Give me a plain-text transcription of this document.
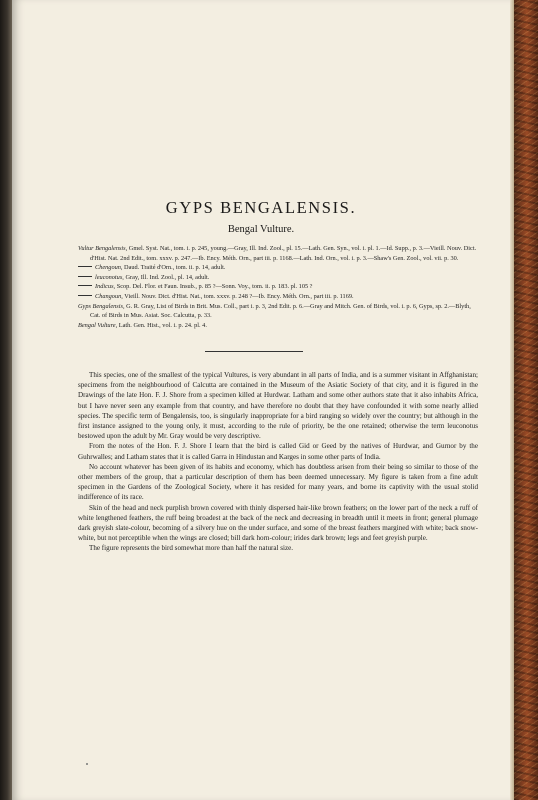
GYPS BENGALENSIS.
Bengal Vulture.
Vultur Bengalensis, Gmel. Syst. Nat., tom. i. p. 245, young.—Gray, Ill. Ind. Zool., pl. 15.—Lath. Gen. Syn., vol. i. pl. 1.—Id. Supp., p. 3.—Vieill. Nouv. Dict. d'Hist. Nat. 2nd Edit., tom. xxxv. p. 247.—Ib. Ency. Méth. Orn., part iii. p. 1168.—Lath. Ind. Orn., vol. i. p. 3.—Shaw's Gen. Zool., vol. vii. p. 30.
Chengoun, Daud. Traité d'Orn., tom. ii. p. 14, adult.
leuconotus, Gray, Ill. Ind. Zool., pl. 14, adult.
Indicus, Scop. Del. Flor. et Faun. Insub., p. 85 ?—Sonn. Voy., tom. ii. p. 183. pl. 105 ?
Changoun, Vieill. Nouv. Dict. d'Hist. Nat., tom. xxxv. p. 248 ?—Ib. Ency. Méth. Orn., part iii. p. 1169.
Gyps Bengalensis, G. R. Gray, List of Birds in Brit. Mus. Coll., part i. p. 3, 2nd Edit. p. 6.—Gray and Mitch. Gen. of Birds, vol. i. p. 6, Gyps, sp. 2.—Blyth, Cat. of Birds in Mus. Asiat. Soc. Calcutta, p. 33.
Bengal Vulture, Lath. Gen. Hist., vol. i. p. 24. pl. 4.

This species, one of the smallest of the typical Vultures, is very abundant in all parts of India, and is a summer visitant in Affghanistan; specimens from the neighbourhood of Calcutta are contained in the Museum of the Asiatic Society of that city, and it is figured in the Drawings of the late Hon. F. J. Shore from a specimen killed at Hurdwar. Latham and some other authors state that it also inhabits Africa, but I have never seen any example from that country, and have therefore no doubt that they have confounded it with some nearly allied species. The specific term of Bengalensis, too, is singularly inappropriate for a bird ranging so widely over the country; but although in the first instance assigned to the young only, it must, according to the rule of priority, be the one retained; otherwise the term leuconotus bestowed upon the adult by Mr. Gray would be very descriptive.

From the notes of the Hon. F. J. Shore I learn that the bird is called Gid or Geed by the natives of Hurdwar, and Gurnor by the Guhrwalles; and Latham states that it is called Garra in Hindustan and Karges in some other parts of India.

No account whatever has been given of its habits and economy, which has doubtless arisen from their being so similar to those of the other members of the group, that a particular description of them has been deemed unnecessary. My figure is taken from a fine adult specimen in the Gardens of the Zoological Society, where it has resided for many years, and borne its captivity with the usual stolid indifference of its race.

Skin of the head and neck purplish brown covered with thinly dispersed hair-like brown feathers; on the lower part of the neck a ruff of white lengthened feathers, the ruff being broadest at the back of the neck and decreasing in breadth until it meets in front; general plumage dark greyish slate-colour, becoming of a silvery hue on the under surface, and some of the breast feathers margined with white; back snow-white, but not perceptible when the wings are closed; bill dark horn-colour; irides dark brown; legs and feet greyish purple.

The figure represents the bird somewhat more than half the natural size.
